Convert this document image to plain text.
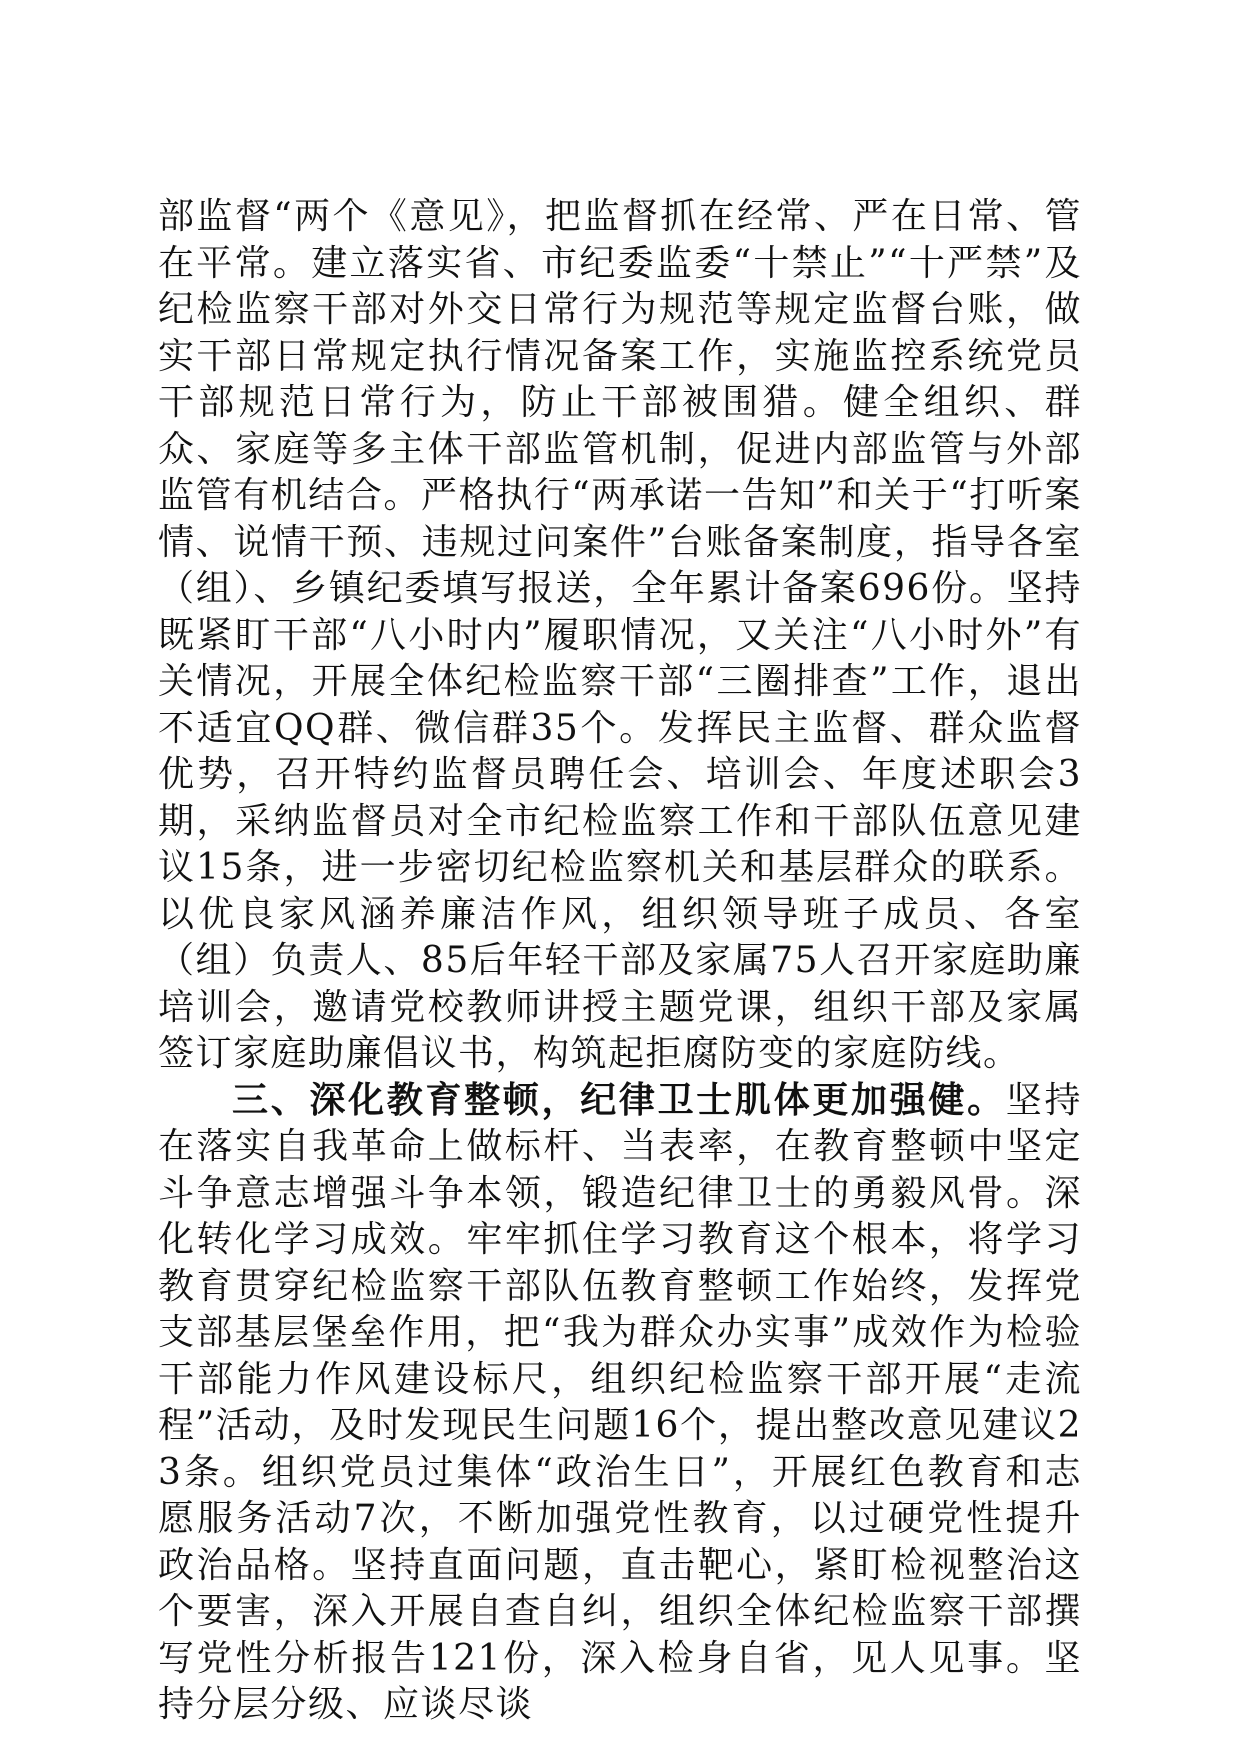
部监督“两个《意见》，把监督抓在经常、严在日常、管在平常。建立落实省、市纪委监委“十禁止”“十严禁”及纪检监察干部对外交日常行为规范等规定监督台账，做实干部日常规定执行情况备案工作，实施监控系统党员干部规范日常行为，防止干部被围猎。健全组织、群众、家庭等多主体干部监管机制，促进内部监管与外部监管有机结合。严格执行“两承诺一告知”和关于“打听案情、说情干预、违规过问案件”台账备案制度，指导各室（组）、乡镇纪委填写报送，全年累计备案696份。坚持既紧盯干部“八小时内”履职情况，又关注“八小时外”有关情况，开展全体纪检监察干部“三圈排查”工作，退出不适宜QQ群、微信群35个。发挥民主监督、群众监督优势，召开特约监督员聘任会、培训会、年度述职会3期，采纳监督员对全市纪检监察工作和干部队伍意见建议15条，进一步密切纪检监察机关和基层群众的联系。以优良家风涵养廉洁作风，组织领导班子成员、各室（组）负责人、85后年轻干部及家属75人召开家庭助廉培训会，邀请党校教师讲授主题党课，组织干部及家属签订家庭助廉倡议书，构筑起拒腐防变的家庭防线。

三、深化教育整顿，纪律卫士肌体更加强健。坚持在落实自我革命上做标杆、当表率，在教育整顿中坚定斗争意志增强斗争本领，锻造纪律卫士的勇毅风骨。深化转化学习成效。牢牢抓住学习教育这个根本，将学习教育贯穿纪检监察干部队伍教育整顿工作始终，发挥党支部基层堡垒作用，把“我为群众办实事”成效作为检验干部能力作风建设标尺，组织纪检监察干部开展“走流程”活动，及时发现民生问题16个，提出整改意见建议23条。组织党员过集体“政治生日”，开展红色教育和志愿服务活动7次，不断加强党性教育，以过硬党性提升政治品格。坚持直面问题，直击靶心，紧盯检视整治这个要害，深入开展自查自纠，组织全体纪检监察干部撰写党性分析报告121份，深入检身自省，见人见事。坚持分层分级、应谈尽谈
